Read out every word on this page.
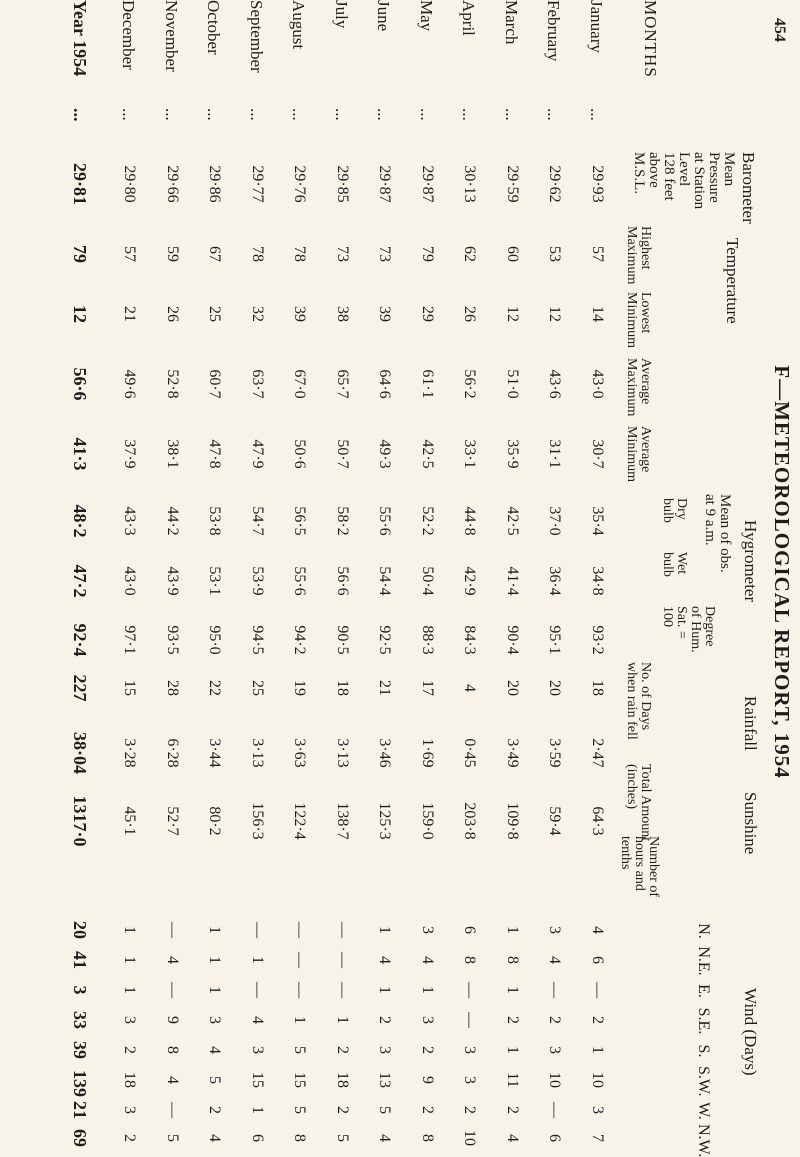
454
F—METEOROLOGICAL REPORT, 1954
Barometer
Temperature
Hygrometer
Rainfall
Sunshine
Wind (Days)
MONTHS
Mean
Pressure
at Station
Level
128 feet
above
M.S.L.
Highest
Maximum
Lowest
Minimum
Average
Maximum
Average
Minimum
Mean of obs.
at 9 a.m.
Dry
bulb
Wet
bulb
Degree
of Hum.
Sat. =
100
No. of Days
when rain fell
Total Amount
(inches)
Number of
hours and
tenths
N.
N.E.
E.
S.E.
S.
S.W.
W.
N.W.
January
...
29·93
57
14
43·0
30·7
35·4
34·8
93·2
18
2·47
64·3
4
6
—
2
1
10
3
7
February
...
29·62
53
12
43·6
31·1
37·0
36·4
95·1
20
3·59
59·4
3
4
—
2
3
10
—
6
March
...
29·59
60
12
51·0
35·9
42·5
41·4
90·4
20
3·49
109·8
1
8
1
2
1
11
2
4
April
...
30·13
62
26
56·2
33·1
44·8
42·9
84·3
4
0·45
203·8
6
8
—
—
3
3
2
10
May
...
29·87
79
29
61·1
42·5
52·2
50·4
88·3
17
1·69
159·0
3
4
1
3
2
9
2
8
June
...
29·87
73
39
64·6
49·3
55·6
54·4
92·5
21
3·46
125·3
1
4
1
2
3
13
5
4
July
...
29·85
73
38
65·7
50·7
58·2
56·6
90·5
18
3·13
138·7
—
—
—
1
2
18
2
5
August
...
29·76
78
39
67·0
50·6
56·5
55·6
94·2
19
3·63
122·4
—
—
—
1
5
15
5
8
September
...
29·77
78
32
63·7
47·9
54·7
53·9
94·5
25
3·13
156·3
—
1
—
4
3
15
1
6
October
...
29·86
67
25
60·7
47·8
53·8
53·1
95·0
22
3·44
80·2
1
1
1
3
4
5
2
4
November
...
29·66
59
26
52·8
38·1
44·2
43·9
93·5
28
6·28
52·7
—
4
—
9
8
4
—
5
December
...
29·80
57
21
49·6
37·9
43·3
43·0
97·1
15
3·28
45·1
1
1
1
3
2
18
3
2
Year 1954
...
29·81
79
12
56·6
41·3
48·2
47·2
92·4
227
38·04
1317·0
20
41
3
33
39
139
21
69
